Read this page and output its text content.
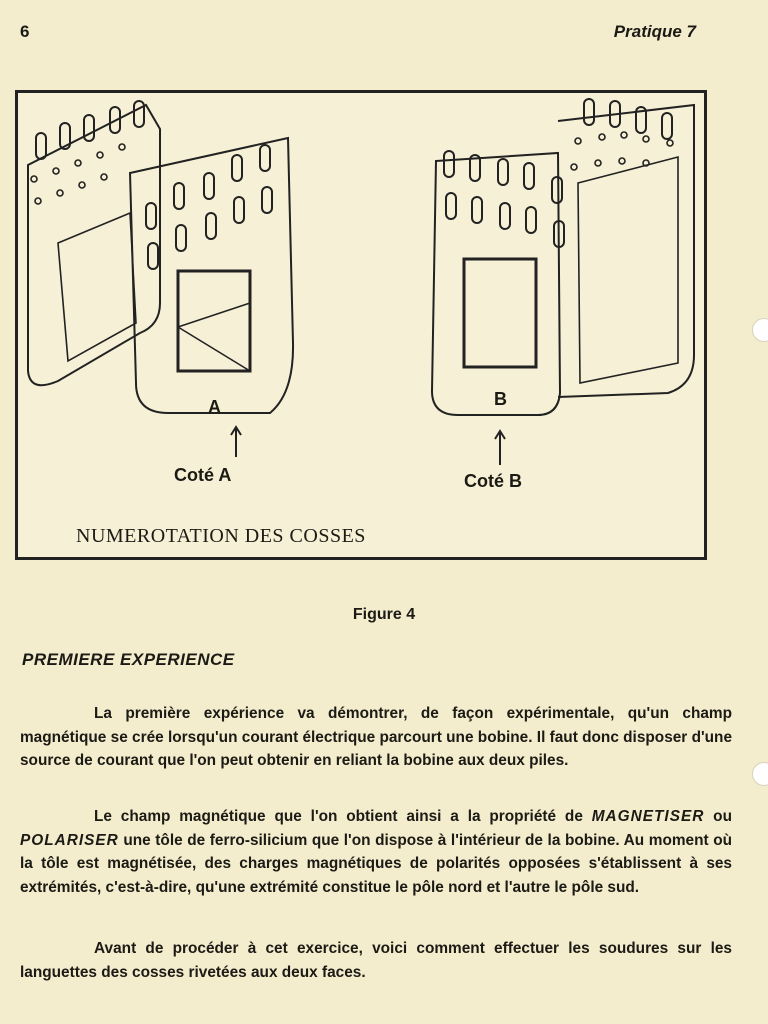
6	Pratique 7
A	B
Coté A	Coté B
NUMEROTATION DES COSSES
Figure 4
PREMIERE EXPERIENCE

La première expérience va démontrer, de façon expérimentale, qu'un champ magnétique se crée lorsqu'un courant électrique parcourt une bobine. Il faut donc disposer d'une source de courant que l'on peut obtenir en reliant la bobine aux deux piles.

Le champ magnétique que l'on obtient ainsi a la propriété de MAGNETISER ou POLARISER une tôle de ferro-silicium que l'on dispose à l'intérieur de la bobine. Au moment où la tôle est magnétisée, des charges magnétiques de polarités opposées s'établissent à ses extrémités, c'est-à-dire, qu'une extrémité constitue le pôle nord et l'autre le pôle sud.

Avant de procéder à cet exercice, voici comment effectuer les soudures sur les languettes des cosses rivetées aux deux faces.
